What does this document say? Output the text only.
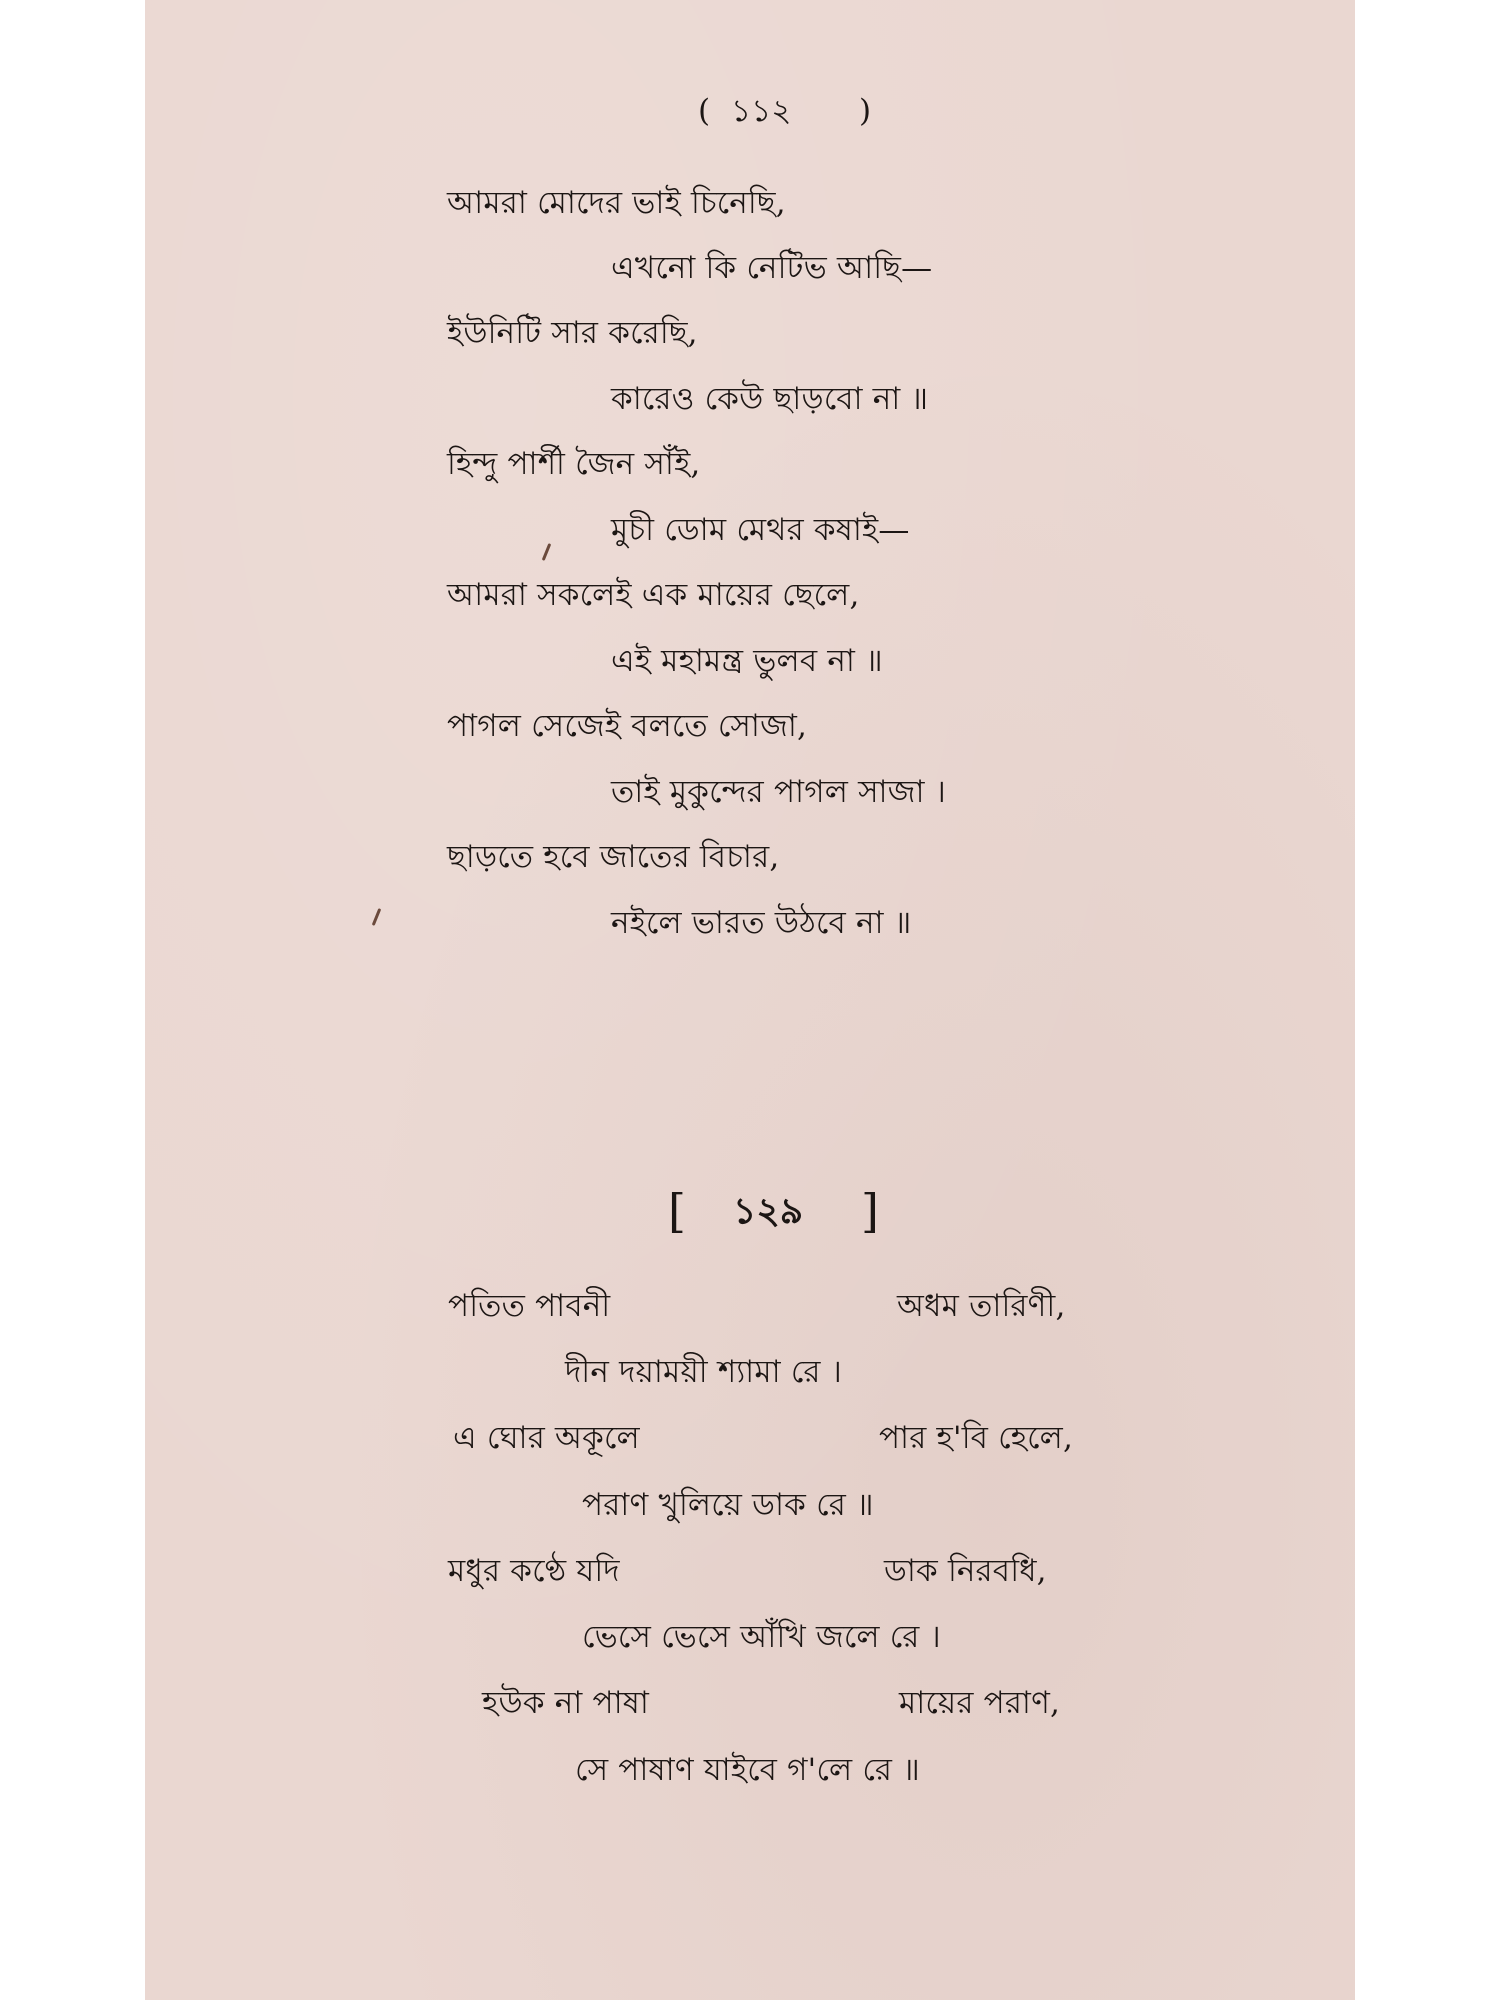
( ১১২ )
আমরা মোদের ভাই চিনেছি,
এখনো কি নেটিভ আছি—
ইউনিটি সার করেছি,
কারেও কেউ ছাড়বো না ॥
হিন্দু পার্শী জৈন সাঁই,
মুচী ডোম মেথর কষাই—
আমরা সকলেই এক মায়ের ছেলে,
এই মহামন্ত্র ভুলব না ॥
পাগল সেজেই বলতে সোজা,
তাই মুকুন্দের পাগল সাজা ।
ছাড়তে হবে জাতের বিচার,
নইলে ভারত উঠবে না ॥
[ ১২৯ ]
পতিত পাবনী	অধম তারিণী,
দীন দয়াময়ী শ্যামা রে ।
এ ঘোর অকূলে	পার হ'বি হেলে,
পরাণ খুলিয়ে ডাক রে ॥
মধুর কণ্ঠে যদি	ডাক নিরবধি,
ভেসে ভেসে আঁখি জলে রে ।
হউক না পাষা	মায়ের পরাণ,
সে পাষাণ যাইবে গ'লে রে ॥
